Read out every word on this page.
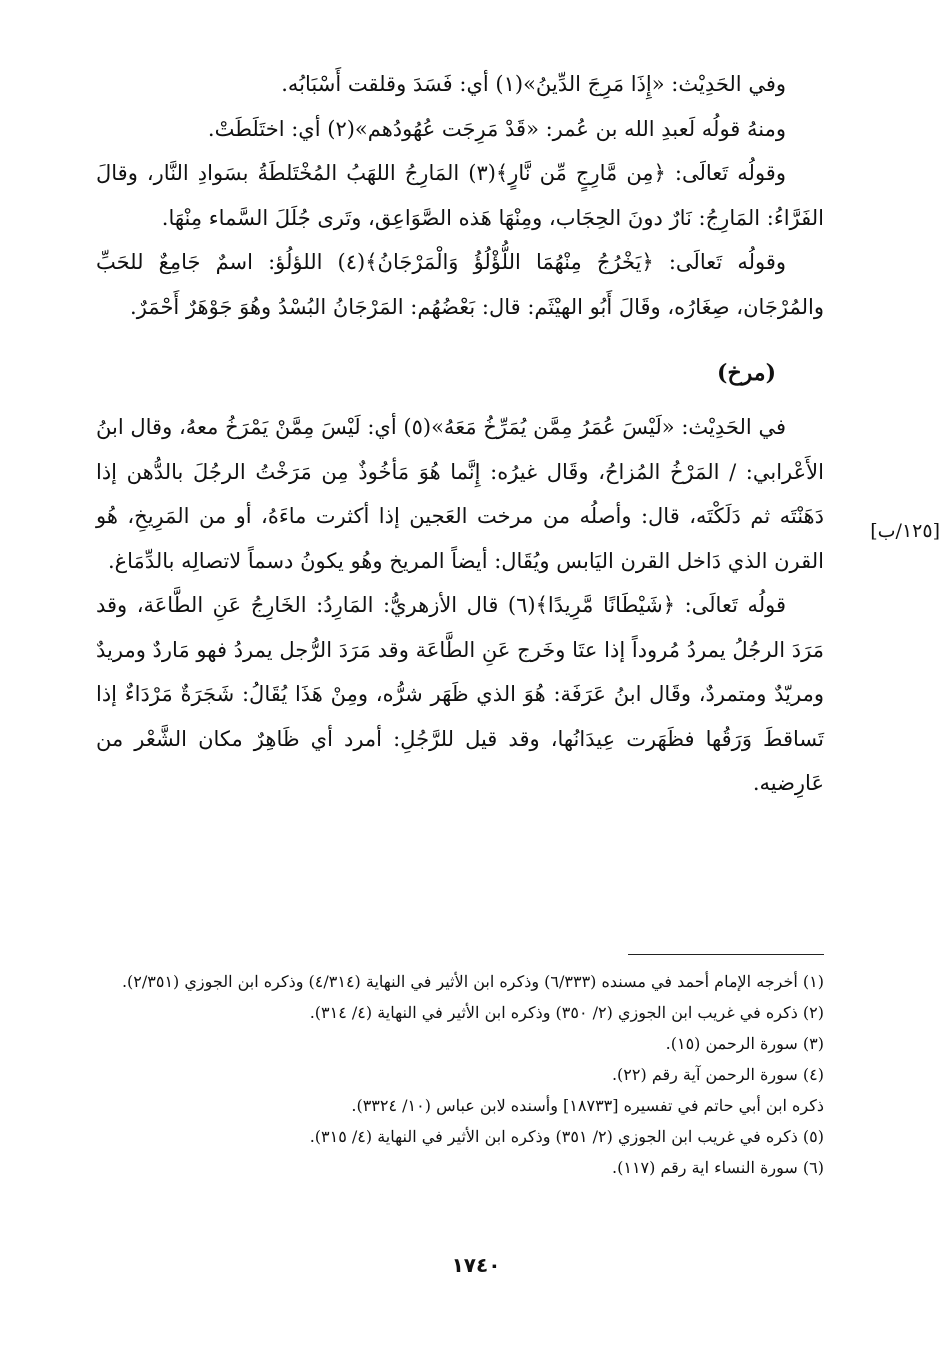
وفي الحَدِيْث: «إِذَا مَرِجَ الدِّينُ»(١) أي: فَسَدَ وقلقت أَسْبَابُه.

ومنهُ قولُه لَعبدِ الله بن عُمر: «قَدْ مَرِجَت عُهُودُهم»(٢) أي: اختَلَطَتْ.

وقولُه تَعالَى: ﴿مِن مَّارِجٍ مِّن نَّارٍ﴾(٣) المَارِجُ اللهَبُ المُخْتَلطَةُ بسَوادِ النَّار، وقالَ الفَرَّاءُ: المَارِجُ: نَارٌ دونَ الحِجَاب، ومِنْهَا هَذه الصَّوَاعِق، وتَرى جُلَلَ السَّماء مِنْهَا.

وقولُه تَعالَى: ﴿يَخْرُجُ مِنْهُمَا اللُّؤْلُؤُ وَالْمَرْجَانُ﴾(٤) اللؤلُؤ: اسمٌ جَامِعٌ للحَبِّ والمُرْجَان، صِغَارُه، وقَالَ أَبُو الهيْثَم: قال: بَعْضُهُم: المَرْجَانُ البُسْدُ وهُوَ جَوْهَرٌ أَحْمَرٌ.

(مرخ)

في الحَدِيْث: «لَيْسَ عُمَرُ مِمَّن يُمَرِّخُ مَعَهُ»(٥) أي: لَيْسَ مِمَّنْ يَمْرَخُ معهُ، وقال ابنُ الأَعْرابي: / المَرْخُ المُزاحُ، وقَال غيرُه: إِنَّما هُوَ مَأخُوذٌ مِن مَرَخْتُ الرجُلَ بالدُّهن إذا دَهَنْتَه ثم دَلَكْتَه، قال: وأصلُه من مرخت العَجين إذا أكثرت ماءَهُ، أو من المَرِيخِ، هُو القرن الذي دَاخل القرن اليَابس ويُقَال: أيضاً المريخ وهُو يكونُ دسماً لاتصالِه بالدِّمَاغ.

قولُه تَعالَى: ﴿شَيْطَانًا مَّرِيدًا﴾(٦) قال الأزهريُّ: المَارِدُ: الخَارِجُ عَنِ الطَّاعَة، وقد مَرَدَ الرجُلُ يمردُ مُروداً إذا عتَا وخَرج عَنِ الطَّاعَة وقد مَرَدَ الرُّجل يمردُ فهو مَاردٌ ومريدٌ ومريّدٌ ومتمردٌ، وقَال ابنُ عَرَفَة: هُوَ الذي ظَهَر شرُّه، ومِنْ هَذَا يُقَالُ: شَجَرَةٌ مَرْدَاءٌ إذا تَساقطَ وَرَقُها فظَهَرت عِيدَانُها، وقد قيل للرَّجُلِ: أمرد أي ظَاهِرٌ مكان الشَّعْر من عَارِضيه.

[١٢٥/ب]

(١) أخرجه الإمام أحمد في مسنده (٦/٣٣٣) وذكره ابن الأثير في النهاية (٤/٣١٤) وذكره ابن الجوزي (٢/٣٥١).

(٢) ذكره في غريب ابن الجوزي (٢/ ٣٥٠) وذكره ابن الأثير في النهاية (٤/ ٣١٤).

(٣) سورة الرحمن (١٥).

(٤) سورة الرحمن آية رقم (٢٢).

ذكره ابن أبي حاتم في تفسيره [١٨٧٣٣] وأسنده لابن عباس (١٠/ ٣٣٢٤).

(٥) ذكره في غريب ابن الجوزي (٢/ ٣٥١) وذكره ابن الأثير في النهاية (٤/ ٣١٥).

(٦) سورة النساء اية رقم (١١٧).

١٧٤٠
